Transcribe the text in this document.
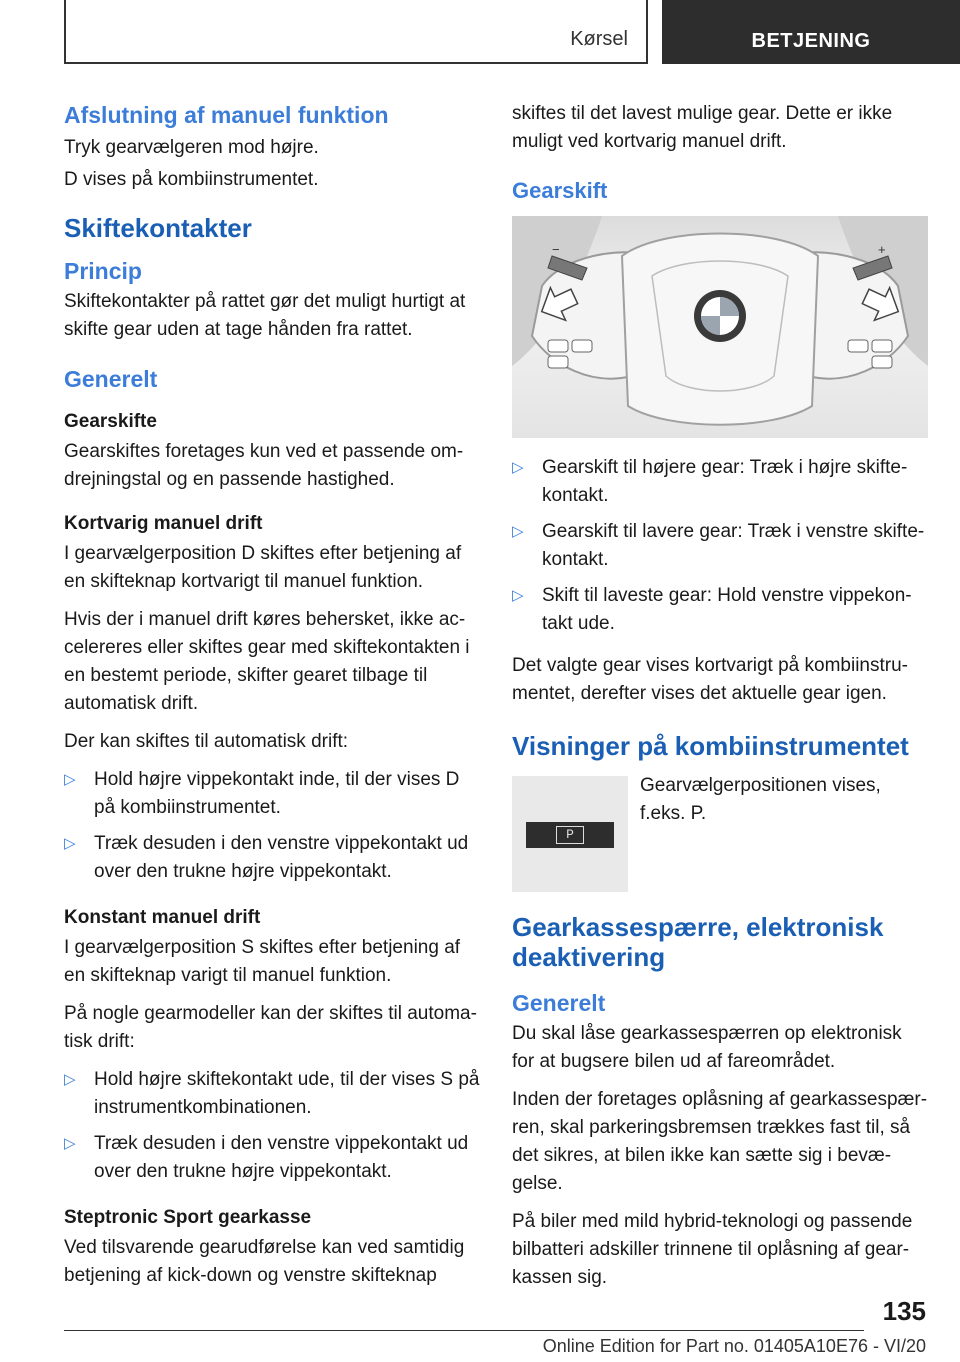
Kørsel	BETJENING
Afslutning af manuel funktion

Tryk gearvælgeren mod højre.

D vises på kombiinstrumentet.

Skiftekontakter
Princip

Skiftekontakter på rattet gør det muligt hurtigt at skifte gear uden at tage hånden fra rattet.

Generelt
Gearskifte

Gearskiftes foretages kun ved et passende omdrejningstal og en passende hastighed.

Kortvarig manuel drift

I gearvælgerposition D skiftes efter betjening af en skifteknap kortvarigt til manuel funktion.

Hvis der i manuel drift køres behersket, ikke accelereres eller skiftes gear med skiftekontakten i en bestemt periode, skifter gearet tilbage til automatisk drift.

Der kan skiftes til automatisk drift:

▷ Hold højre vippekontakt inde, til der vises D på kombiinstrumentet.
▷ Træk desuden i den venstre vippekontakt ud over den trukne højre vippekontakt.
Konstant manuel drift

I gearvælgerposition S skiftes efter betjening af en skifteknap varigt til manuel funktion.

På nogle gearmodeller kan der skiftes til automatisk drift:

▷ Hold højre skiftekontakt ude, til der vises S på instrumentkombinationen.
▷ Træk desuden i den venstre vippekontakt ud over den trukne højre vippekontakt.
Steptronic Sport gearkasse

Ved tilsvarende gearudførelse kan ved samtidig betjening af kick-down og venstre skifteknap

skiftes til det lavest mulige gear. Dette er ikke muligt ved kortvarig manuel drift.

Gearskift
−	+
▷ Gearskift til højere gear: Træk i højre skiftekontakt.
▷ Gearskift til lavere gear: Træk i venstre skiftekontakt.
▷ Skift til laveste gear: Hold venstre vippekontakt ude.

Det valgte gear vises kortvarigt på kombiinstrumentet, derefter vises det aktuelle gear igen.

Visninger på kombiinstrumentet
P

Gearvælgerpositionen vises, f.eks. P.

Gearkassespærre, elektronisk deaktivering
Generelt

Du skal låse gearkassespærren op elektronisk for at bugsere bilen ud af fareområdet.

Inden der foretages oplåsning af gearkassespærren, skal parkeringsbremsen trækkes fast til, så det sikres, at bilen ikke kan sætte sig i bevægelse.

På biler med mild hybrid-teknologi og passende bilbatteri adskiller trinnene til oplåsning af gearkassen sig.

135
Online Edition for Part no. 01405A10E76 - VI/20
